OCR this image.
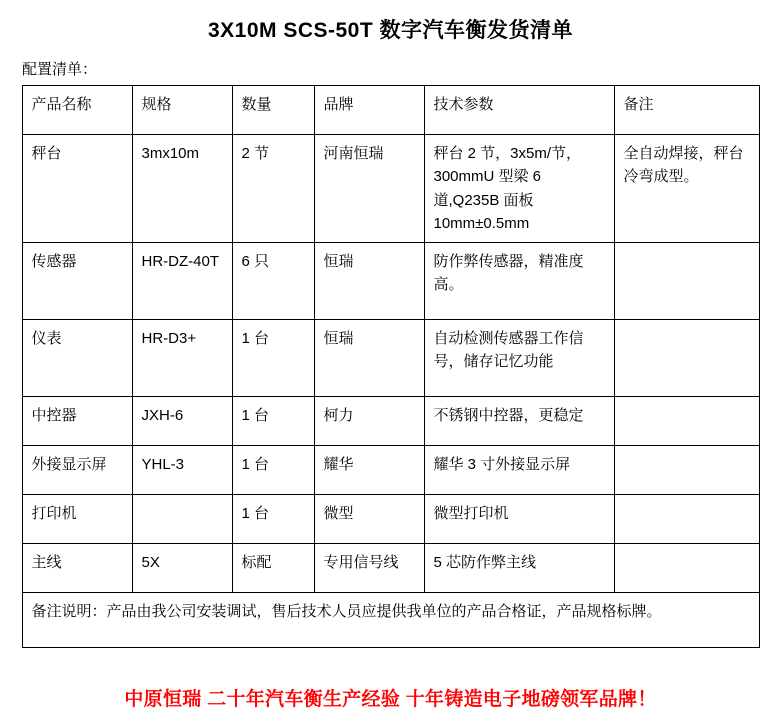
3X10M SCS-50T 数字汽车衡发货清单
配置清单：
产品名称	规格	数量	品牌	技术参数	备注
秤台	3mx10m	2 节	河南恒瑞	秤台 2 节，3x5m/节，300mmU 型梁 6 道,Q235B 面板 10mm±0.5mm	全自动焊接，秤台冷弯成型。
传感器	HR-DZ-40T	6 只	恒瑞	防作弊传感器，精准度高。	
仪表	HR-D3+	1 台	恒瑞	自动检测传感器工作信号，储存记忆功能	
中控器	JXH-6	1 台	柯力	不锈钢中控器，更稳定	
外接显示屏	YHL-3	1 台	耀华	耀华 3 寸外接显示屏	
打印机		1 台	微型	微型打印机	
主线	5X	标配	专用信号线	5 芯防作弊主线	
备注说明：产品由我公司安装调试，售后技术人员应提供我单位的产品合格证，产品规格标牌。					
中原恒瑞 二十年汽车衡生产经验 十年铸造电子地磅领军品牌！
